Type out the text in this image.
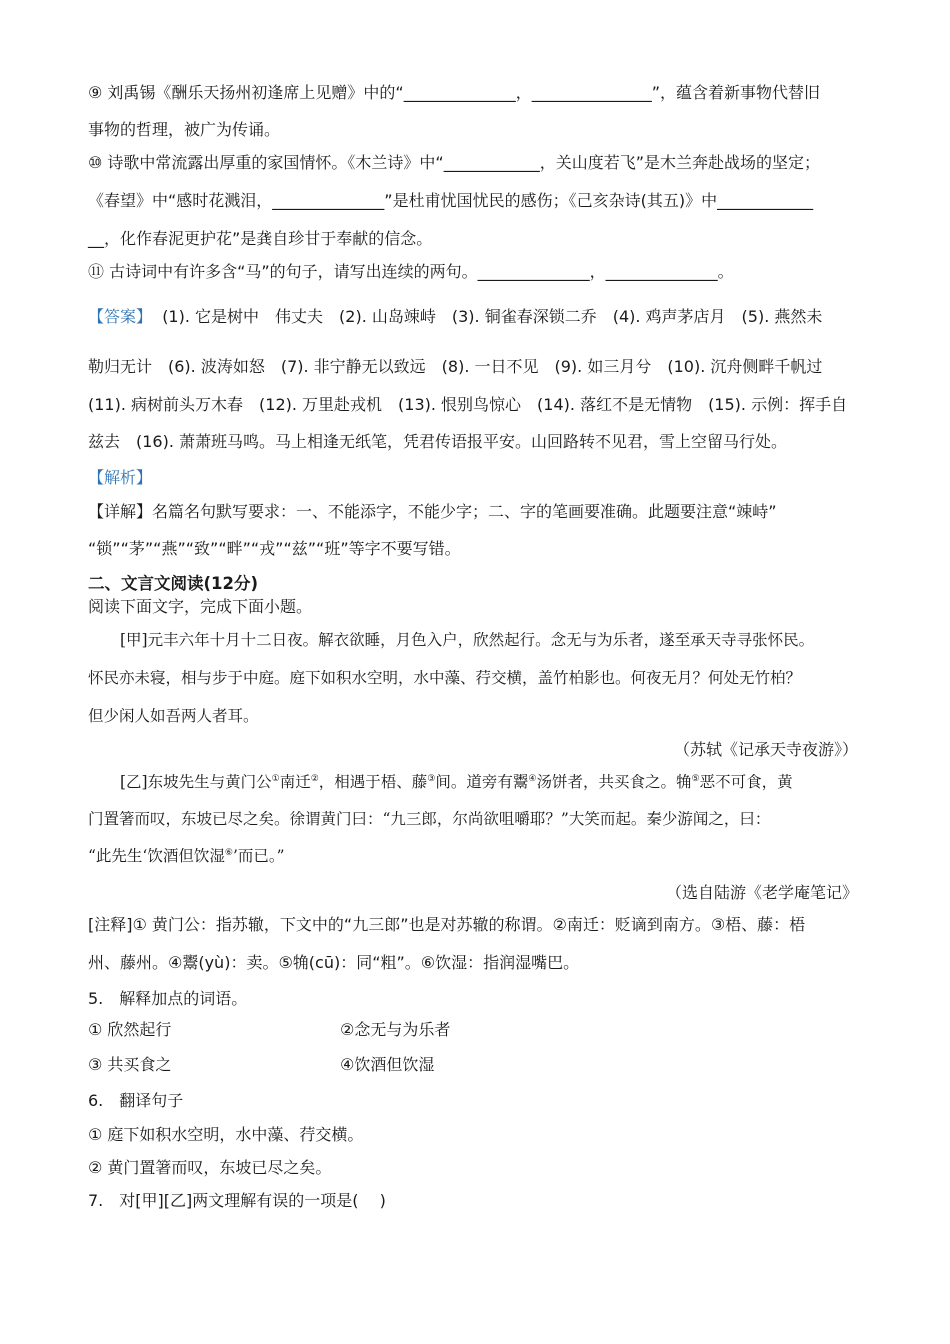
⑨ 刘禹锡《酬乐天扬州初逢席上见赠》中的“______________，_______________”，蕴含着新事物代替旧
事物的哲理，被广为传诵。
⑩ 诗歌中常流露出厚重的家国情怀。《木兰诗》中“____________，关山度若飞”是木兰奔赴战场的坚定；
《春望》中“感时花溅泪，______________”是杜甫忧国忧民的感伤；《己亥杂诗(其五)》中____________
__，化作春泥更护花”是龚自珍甘于奉献的信念。
⑪ 古诗词中有许多含“马”的句子，请写出连续的两句。______________，______________。
【答案】 (1). 它是树中　伟丈夫　(2). 山岛竦峙　(3). 铜雀春深锁二乔　(4). 鸡声茅店月　(5). 燕然未
勒归无计　(6). 波涛如怒　(7). 非宁静无以致远　(8). 一日不见　(9). 如三月兮　(10). 沉舟侧畔千帆过
(11). 病树前头万木春　(12). 万里赴戎机　(13). 恨别鸟惊心　(14). 落红不是无情物　(15). 示例：挥手自
兹去　(16). 萧萧班马鸣。马上相逢无纸笔，凭君传语报平安。山回路转不见君，雪上空留马行处。
【解析】
【详解】名篇名句默写要求：一、不能添字，不能少字；二、字的笔画要准确。此题要注意“竦峙”
“锁”“茅”“燕”“致”“畔”“戎”“兹”“班”等字不要写错。
二、文言文阅读(12分)
阅读下面文字，完成下面小题。
[甲]元丰六年十月十二日夜。解衣欲睡，月色入户，欣然起行。念无与为乐者，遂至承天寺寻张怀民。
怀民亦未寝，相与步于中庭。庭下如积水空明，水中藻、荇交横，盖竹柏影也。何夜无月？何处无竹柏？
但少闲人如吾两人者耳。
（苏轼《记承天寺夜游》）
[乙]东坡先生与黄门公①南迁②，相遇于梧、藤③间。道旁有鬻④汤饼者，共买食之。觕⑤恶不可食，黄
门置箸而叹，东坡已尽之矣。徐谓黄门曰：“九三郎，尔尚欲咀嚼耶？”大笑而起。秦少游闻之，曰：
“此先生‘饮酒但饮湿⑥’而已。”
（选自陆游《老学庵笔记》
[注释]① 黄门公：指苏辙，下文中的“九三郎”也是对苏辙的称谓。②南迁：贬谪到南方。③梧、藤：梧
州、藤州。④鬻(yù)：卖。⑤觕(cū)：同“粗”。⑥饮湿：指润湿嘴巴。
5.　解释加点的词语。
① 欣然起行	②念无与为乐者
③ 共买食之	④饮酒但饮湿
6.　翻译句子
① 庭下如积水空明，水中藻、荇交横。
② 黄门置箸而叹，东坡已尽之矣。
7.　对[甲][乙]两文理解有误的一项是(　 )
